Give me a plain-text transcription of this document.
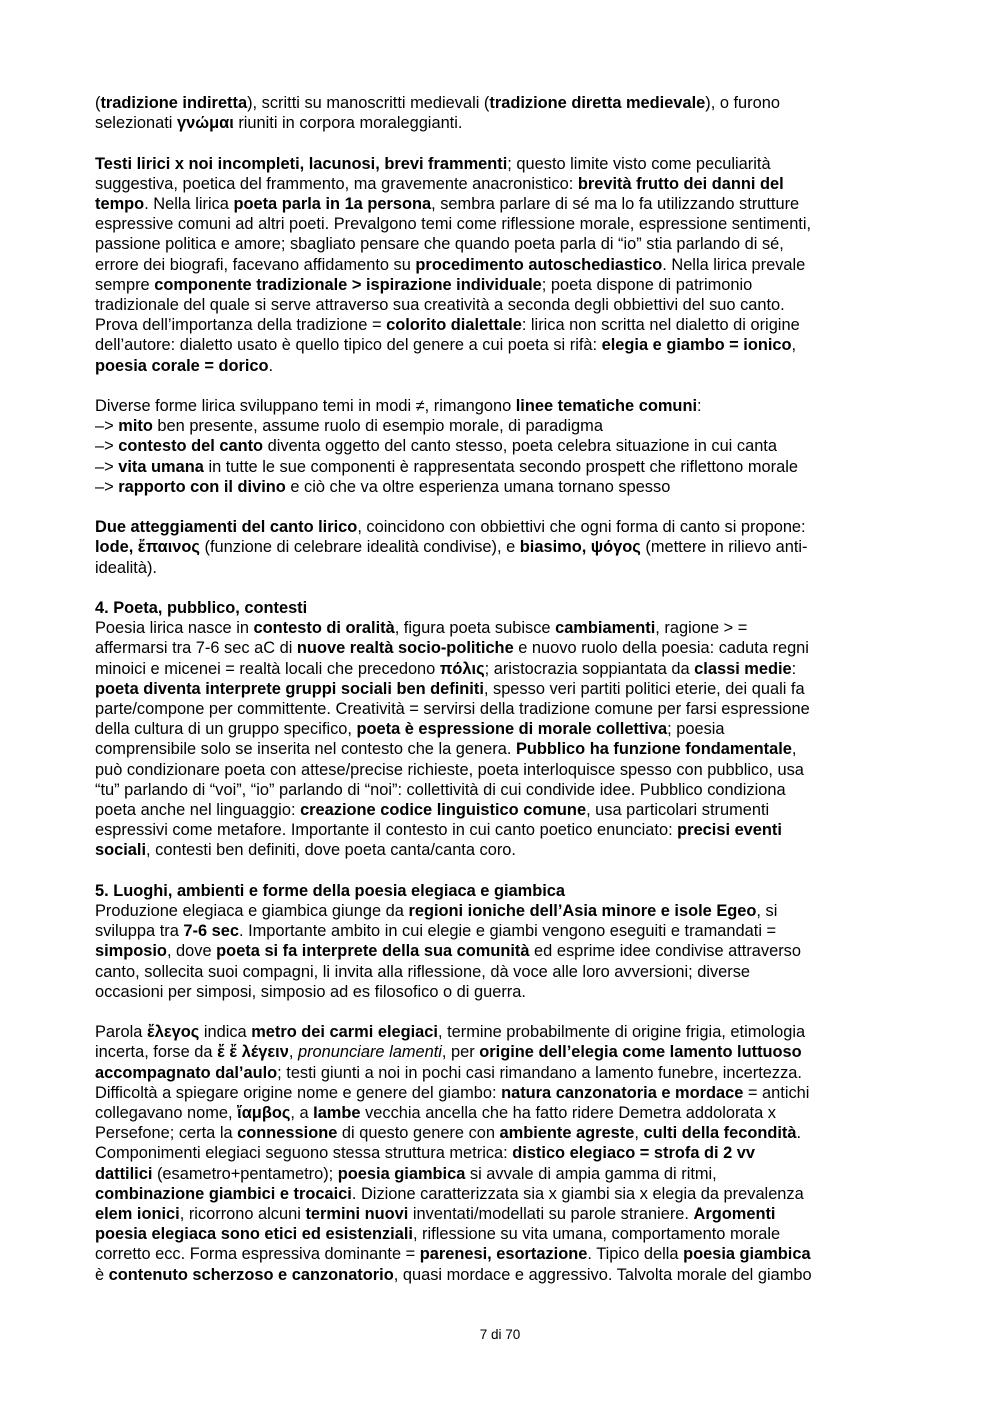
(tradizione indiretta), scritti su manoscritti medievali (tradizione diretta medievale), o furono
selezionati γνώμαι riuniti in corpora moraleggianti.
Testi lirici x noi incompleti, lacunosi, brevi frammenti; questo limite visto come peculiarità
suggestiva, poetica del frammento, ma gravemente anacronistico: brevità frutto dei danni del
tempo. Nella lirica poeta parla in 1a persona, sembra parlare di sé ma lo fa utilizzando strutture
espressive comuni ad altri poeti. Prevalgono temi come riflessione morale, espressione sentimenti,
passione politica e amore; sbagliato pensare che quando poeta parla di “io” stia parlando di sé,
errore dei biografi, facevano affidamento su procedimento autoschediastico. Nella lirica prevale
sempre componente tradizionale > ispirazione individuale; poeta dispone di patrimonio
tradizionale del quale si serve attraverso sua creatività a seconda degli obbiettivi del suo canto.
Prova dell’importanza della tradizione = colorito dialettale: lirica non scritta nel dialetto di origine
dell’autore: dialetto usato è quello tipico del genere a cui poeta si rifà: elegia e giambo = ionico,
poesia corale = dorico.
Diverse forme lirica sviluppano temi in modi ≠, rimangono linee tematiche comuni:
–> mito ben presente, assume ruolo di esempio morale, di paradigma
–> contesto del canto diventa oggetto del canto stesso, poeta celebra situazione in cui canta
–> vita umana in tutte le sue componenti è rappresentata secondo prospett che riflettono morale
–> rapporto con il divino e ciò che va oltre esperienza umana tornano spesso
Due atteggiamenti del canto lirico, coincidono con obbiettivi che ogni forma di canto si propone:
lode, ἔπαινος (funzione di celebrare idealità condivise), e biasimo, ψόγος (mettere in rilievo anti-
idealità).
4. Poeta, pubblico, contesti
Poesia lirica nasce in contesto di oralità, figura poeta subisce cambiamenti, ragione > =
affermarsi tra 7-6 sec aC di nuove realtà socio-politiche e nuovo ruolo della poesia: caduta regni
minoici e micenei = realtà locali che precedono πόλις; aristocrazia soppiantata da classi medie:
poeta diventa interprete gruppi sociali ben definiti, spesso veri partiti politici eterie, dei quali fa
parte/compone per committente. Creatività = servirsi della tradizione comune per farsi espressione
della cultura di un gruppo specifico, poeta è espressione di morale collettiva; poesia
comprensibile solo se inserita nel contesto che la genera. Pubblico ha funzione fondamentale,
può condizionare poeta con attese/precise richieste, poeta interloquisce spesso con pubblico, usa
“tu” parlando di “voi”, “io” parlando di “noi”: collettività di cui condivide idee. Pubblico condiziona
poeta anche nel linguaggio: creazione codice linguistico comune, usa particolari strumenti
espressivi come metafore. Importante il contesto in cui canto poetico enunciato: precisi eventi
sociali, contesti ben definiti, dove poeta canta/canta coro.
5. Luoghi, ambienti e forme della poesia elegiaca e giambica
Produzione elegiaca e giambica giunge da regioni ioniche dell’Asia minore e isole Egeo, si
sviluppa tra 7-6 sec. Importante ambito in cui elegie e giambi vengono eseguiti e tramandati =
simposio, dove poeta si fa interprete della sua comunità ed esprime idee condivise attraverso
canto, sollecita suoi compagni, li invita alla riflessione, dà voce alle loro avversioni; diverse
occasioni per simposi, simposio ad es filosofico o di guerra.
Parola ἔλεγος indica metro dei carmi elegiaci, termine probabilmente di origine frigia, etimologia
incerta, forse da ἔ ἔ λέγειν, pronunciare lamenti, per origine dell’elegia come lamento luttuoso
accompagnato dal’aulo; testi giunti a noi in pochi casi rimandano a lamento funebre, incertezza.
Difficoltà a spiegare origine nome e genere del giambo: natura canzonatoria e mordace = antichi
collegavano nome, ἴαμβος, a Iambe vecchia ancella che ha fatto ridere Demetra addolorata x
Persefone; certa la connessione di questo genere con ambiente agreste, culti della fecondità.
Componimenti elegiaci seguono stessa struttura metrica: distico elegiaco = strofa di 2 vv
dattilici (esametro+pentametro); poesia giambica si avvale di ampia gamma di ritmi,
combinazione giambici e trocaici. Dizione caratterizzata sia x giambi sia x elegia da prevalenza
elem ionici, ricorrono alcuni termini nuovi inventati/modellati su parole straniere. Argomenti
poesia elegiaca sono etici ed esistenziali, riflessione su vita umana, comportamento morale
corretto ecc. Forma espressiva dominante = parenesi, esortazione. Tipico della poesia giambica
è contenuto scherzoso e canzonatorio, quasi mordace e aggressivo. Talvolta morale del giambo
7 di 70
